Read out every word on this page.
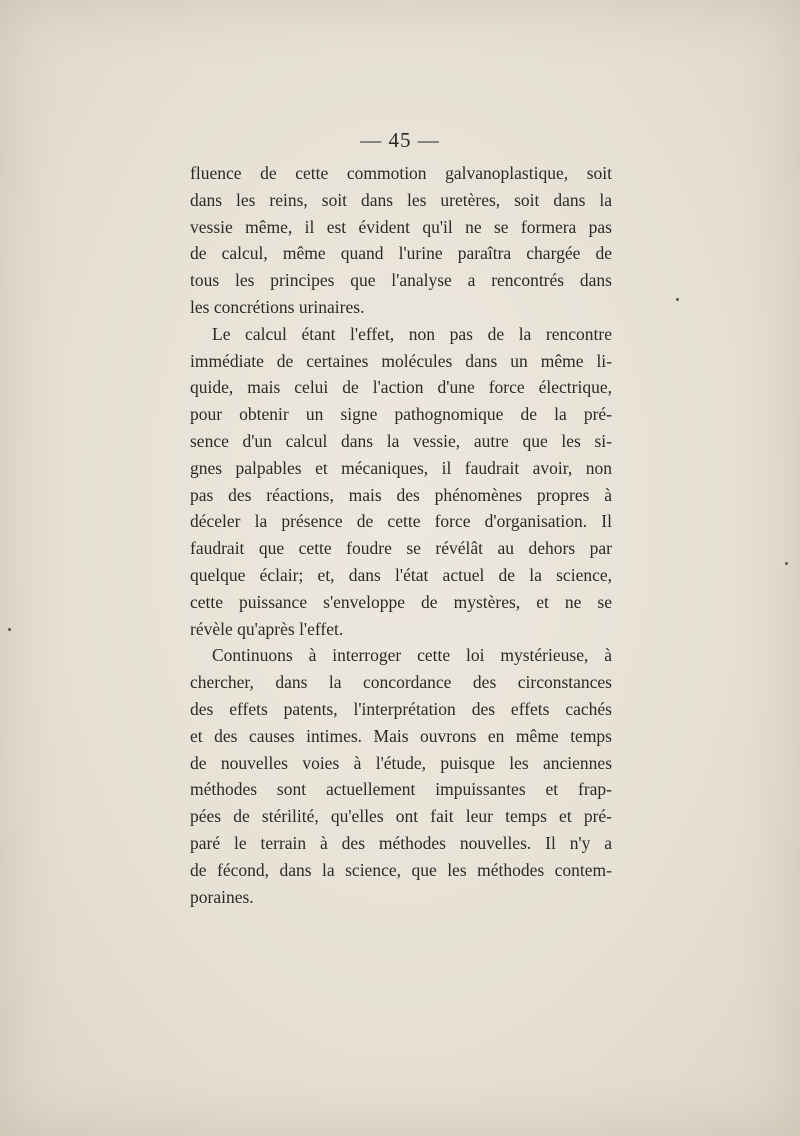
— 45 —
fluence de cette commotion galvanoplastique, soit
dans les reins, soit dans les uretères, soit dans la
vessie même, il est évident qu'il ne se formera pas
de calcul, même quand l'urine paraîtra chargée de
tous les principes que l'analyse a rencontrés dans
les concrétions urinaires.
Le calcul étant l'effet, non pas de la rencontre
immédiate de certaines molécules dans un même li-
quide, mais celui de l'action d'une force électrique,
pour obtenir un signe pathognomique de la pré-
sence d'un calcul dans la vessie, autre que les si-
gnes palpables et mécaniques, il faudrait avoir, non
pas des réactions, mais des phénomènes propres à
déceler la présence de cette force d'organisation. Il
faudrait que cette foudre se révélât au dehors par
quelque éclair; et, dans l'état actuel de la science,
cette puissance s'enveloppe de mystères, et ne se
révèle qu'après l'effet.
Continuons à interroger cette loi mystérieuse, à
chercher, dans la concordance des circonstances
des effets patents, l'interprétation des effets cachés
et des causes intimes. Mais ouvrons en même temps
de nouvelles voies à l'étude, puisque les anciennes
méthodes sont actuellement impuissantes et frap-
pées de stérilité, qu'elles ont fait leur temps et pré-
paré le terrain à des méthodes nouvelles. Il n'y a
de fécond, dans la science, que les méthodes contem-
poraines.
